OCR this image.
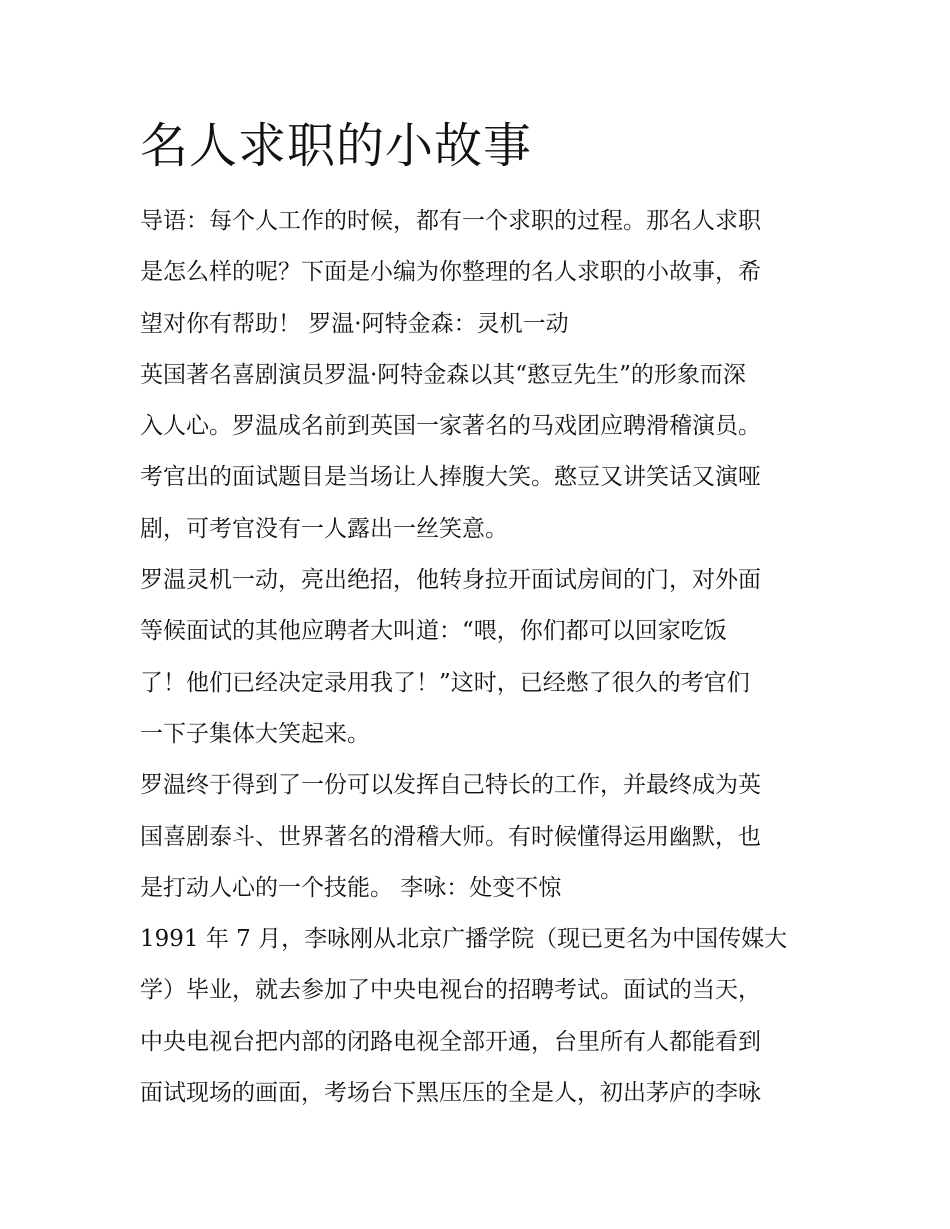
名人求职的小故事
导语：每个人工作的时候，都有一个求职的过程。那名人求职
是怎么样的呢？下面是小编为你整理的名人求职的小故事，希
望对你有帮助！ 罗温·阿特金森：灵机一动
英国著名喜剧演员罗温·阿特金森以其“憨豆先生”的形象而深
入人心。罗温成名前到英国一家著名的马戏团应聘滑稽演员。
考官出的面试题目是当场让人捧腹大笑。憨豆又讲笑话又演哑
剧，可考官没有一人露出一丝笑意。
罗温灵机一动，亮出绝招，他转身拉开面试房间的门，对外面
等候面试的其他应聘者大叫道：“喂，你们都可以回家吃饭
了！他们已经决定录用我了！”这时，已经憋了很久的考官们
一下子集体大笑起来。
罗温终于得到了一份可以发挥自己特长的工作，并最终成为英
国喜剧泰斗、世界著名的滑稽大师。有时候懂得运用幽默，也
是打动人心的一个技能。 李咏：处变不惊
1991 年 7 月，李咏刚从北京广播学院（现已更名为中国传媒大
学）毕业，就去参加了中央电视台的招聘考试。面试的当天，
中央电视台把内部的闭路电视全部开通，台里所有人都能看到
面试现场的画面，考场台下黑压压的全是人，初出茅庐的李咏
